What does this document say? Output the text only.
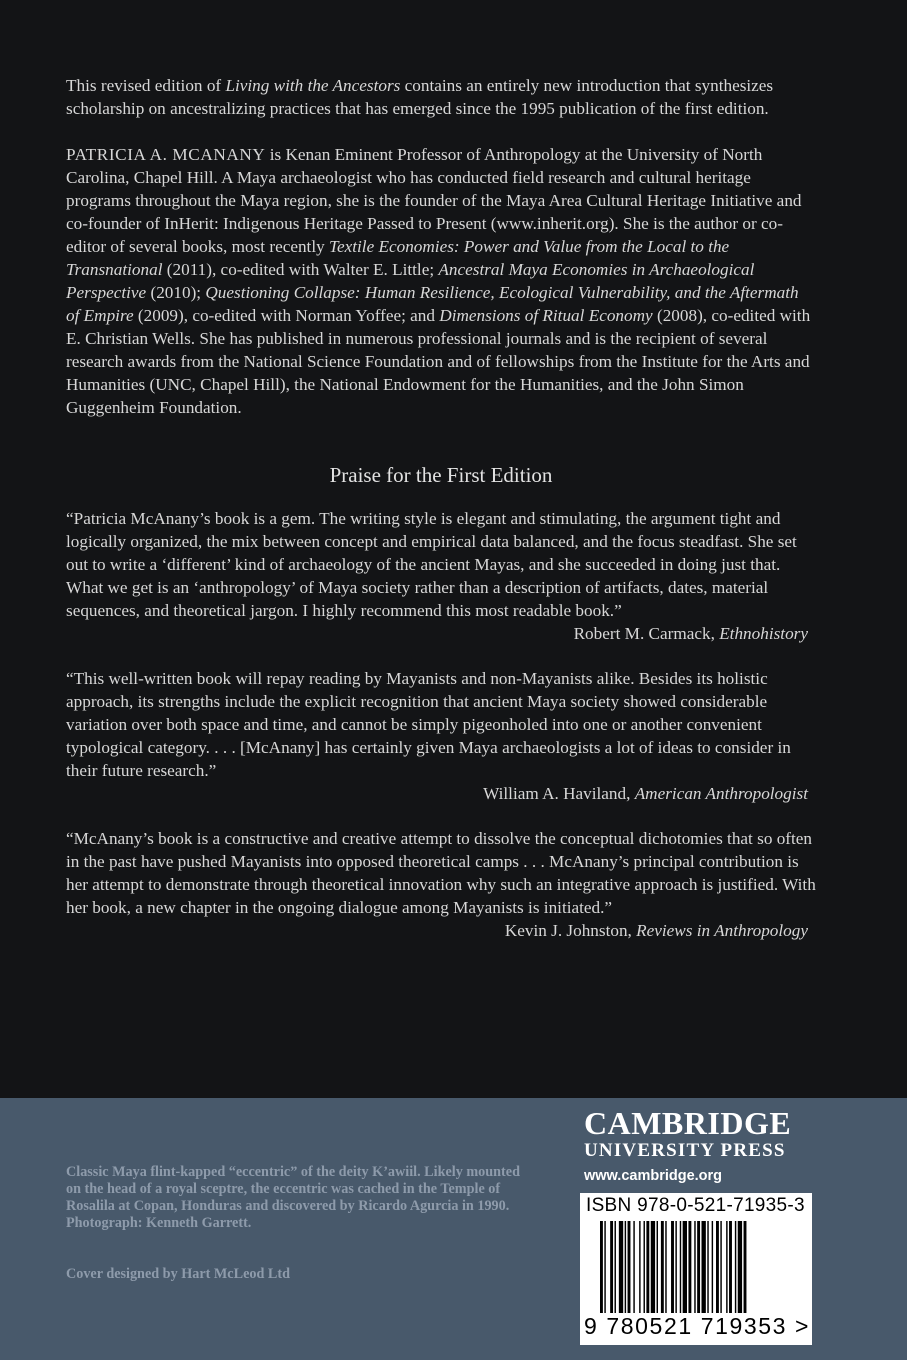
This revised edition of Living with the Ancestors contains an entirely new introduction that synthesizes scholarship on ancestralizing practices that has emerged since the 1995 publication of the first edition.

PATRICIA A. MCANANY is Kenan Eminent Professor of Anthropology at the University of North Carolina, Chapel Hill. A Maya archaeologist who has conducted field research and cultural heritage programs throughout the Maya region, she is the founder of the Maya Area Cultural Heritage Initiative and co-founder of InHerit: Indigenous Heritage Passed to Present (www.inherit.org). She is the author or co-editor of several books, most recently Textile Economies: Power and Value from the Local to the Transnational (2011), co-edited with Walter E. Little; Ancestral Maya Economies in Archaeological Perspective (2010); Questioning Collapse: Human Resilience, Ecological Vulnerability, and the Aftermath of Empire (2009), co-edited with Norman Yoffee; and Dimensions of Ritual Economy (2008), co-edited with E. Christian Wells. She has published in numerous professional journals and is the recipient of several research awards from the National Science Foundation and of fellowships from the Institute for the Arts and Humanities (UNC, Chapel Hill), the National Endowment for the Humanities, and the John Simon Guggenheim Foundation.

Praise for the First Edition

“Patricia McAnany’s book is a gem. The writing style is elegant and stimulating, the argument tight and logically organized, the mix between concept and empirical data balanced, and the focus steadfast. She set out to write a ‘different’ kind of archaeology of the ancient Mayas, and she succeeded in doing just that. What we get is an ‘anthropology’ of Maya society rather than a description of artifacts, dates, material sequences, and theoretical jargon. I highly recommend this most readable book.”

Robert M. Carmack, Ethnohistory

“This well-written book will repay reading by Mayanists and non-Mayanists alike. Besides its holistic approach, its strengths include the explicit recognition that ancient Maya society showed considerable variation over both space and time, and cannot be simply pigeonholed into one or another convenient typological category. . . . [McAnany] has certainly given Maya archaeologists a lot of ideas to consider in their future research.”

William A. Haviland, American Anthropologist

“McAnany’s book is a constructive and creative attempt to dissolve the conceptual dichotomies that so often in the past have pushed Mayanists into opposed theoretical camps . . . McAnany’s principal contribution is her attempt to demonstrate through theoretical innovation why such an integrative approach is justified. With her book, a new chapter in the ongoing dialogue among Mayanists is initiated.”

Kevin J. Johnston, Reviews in Anthropology

Classic Maya flint-kapped “eccentric” of the deity K’awiil. Likely mounted on the head of a royal sceptre, the eccentric was cached in the Temple of Rosalila at Copan, Honduras and discovered by Ricardo Agurcia in 1990. Photograph: Kenneth Garrett.
Cover designed by Hart McLeod Ltd
CAMBRIDGE
UNIVERSITY PRESS
www.cambridge.org
ISBN 978-0-521-71935-3
9 780521 719353 >
